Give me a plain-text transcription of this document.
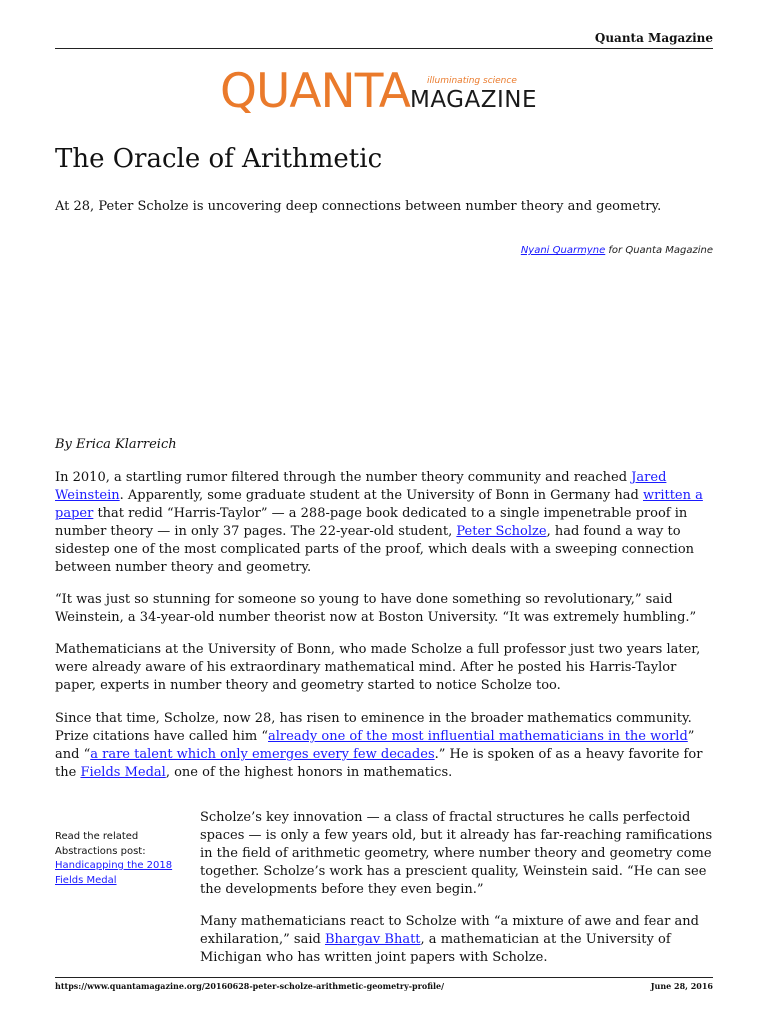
Quanta Magazine
QUANTA illuminating science
MAGAZINE
The Oracle of Arithmetic

At 28, Peter Scholze is uncovering deep connections between number theory and geometry.

Nyani Quarmyne for Quanta Magazine

By Erica Klarreich

In 2010, a startling rumor filtered through the number theory community and reached Jared Weinstein. Apparently, some graduate student at the University of Bonn in Germany had written a paper that redid “Harris-Taylor” — a 288-page book dedicated to a single impenetrable proof in number theory — in only 37 pages. The 22-year-old student, Peter Scholze, had found a way to sidestep one of the most complicated parts of the proof, which deals with a sweeping connection between number theory and geometry.

“It was just so stunning for someone so young to have done something so revolutionary,” said Weinstein, a 34-year-old number theorist now at Boston University. “It was extremely humbling.”

Mathematicians at the University of Bonn, who made Scholze a full professor just two years later, were already aware of his extraordinary mathematical mind. After he posted his Harris-Taylor paper, experts in number theory and geometry started to notice Scholze too.

Since that time, Scholze, now 28, has risen to eminence in the broader mathematics community. Prize citations have called him “already one of the most influential mathematicians in the world” and “a rare talent which only emerges every few decades.” He is spoken of as a heavy favorite for the Fields Medal, one of the highest honors in mathematics.

Read the related
Abstractions post:
Handicapping the 2018 Fields Medal

Scholze’s key innovation — a class of fractal structures he calls perfectoid spaces — is only a few years old, but it already has far-reaching ramifications in the field of arithmetic geometry, where number theory and geometry come together. Scholze’s work has a prescient quality, Weinstein said. “He can see the developments before they even begin.”

Many mathematicians react to Scholze with “a mixture of awe and fear and exhilaration,” said Bhargav Bhatt, a mathematician at the University of Michigan who has written joint papers with Scholze.

https://www.quantamagazine.org/20160628-peter-scholze-arithmetic-geometry-profile/	June 28, 2016
